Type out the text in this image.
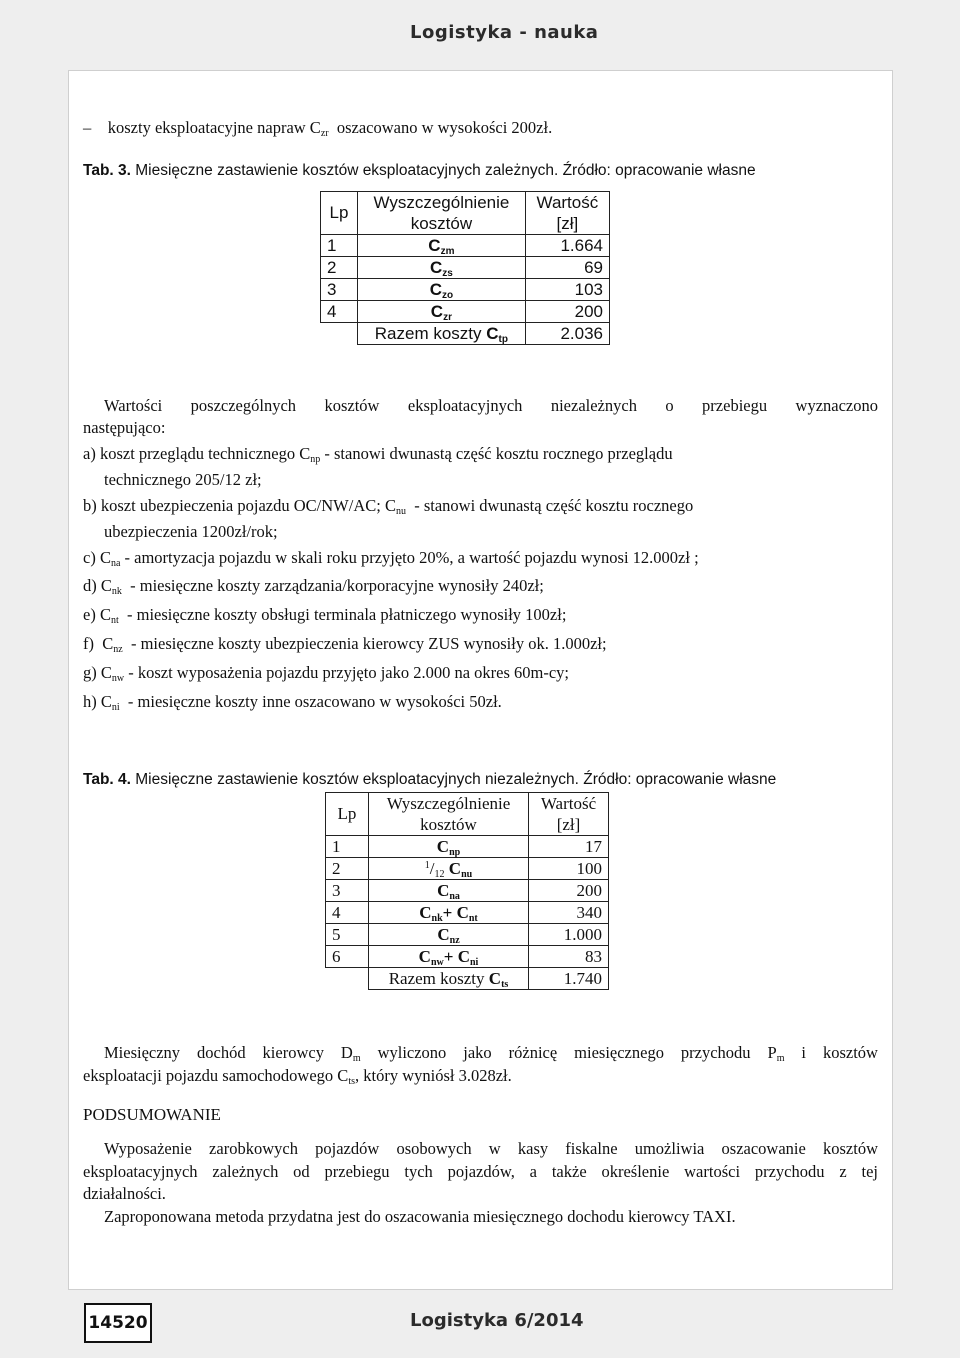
Logistyka - nauka
– koszty eksploatacyjne napraw $C_{zr}$  oszacowano w wysokości 200zł.
Tab. 3. Miesięczne zastawienie kosztów eksploatacyjnych zależnych. Źródło: opracowanie własne
Lp	Wyszczególnienie	Wartość
	kosztów	[zł]
1	$C_{zm}$	1.664
2	$C_{zs}$	69
3	$C_{zo}$	103
4	$C_{zr}$	200
	Razem koszty $C_{tp}$	2.036
Wartości poszczególnych kosztów eksploatacyjnych niezależnych o przebiegu wyznaczono
następująco:
a) koszt przeglądu technicznego $C_{np}$ - stanowi dwunastą część kosztu rocznego przeglądu
technicznego 205/12 zł;
b) koszt ubezpieczenia pojazdu OC/NW/AC; $C_{nu}$  - stanowi dwunastą część kosztu rocznego
ubezpieczenia 1200zł/rok;
c) $C_{na}$ - amortyzacja pojazdu w skali roku przyjęto 20%, a wartość pojazdu wynosi 12.000zł ;
d) $C_{nk}$  - miesięczne koszty zarządzania/korporacyjne wynosiły 240zł;
e) $C_{nt}$  - miesięczne koszty obsługi terminala płatniczego wynosiły 100zł;
f)  $C_{nz}$  - miesięczne koszty ubezpieczenia kierowcy ZUS wynosiły ok. 1.000zł;
g) $C_{nw}$ - koszt wyposażenia pojazdu przyjęto jako 2.000 na okres 60m-cy;
h) $C_{ni}$  - miesięczne koszty inne oszacowano w wysokości 50zł.
Tab. 4. Miesięczne zastawienie kosztów eksploatacyjnych niezależnych. Źródło: opracowanie własne
Lp	Wyszczególnienie	Wartość
	kosztów	[zł]
1	$C_{np}$	17
2	$^1/_{12}$ $C_{nu}$	100
3	$C_{na}$	200
4	$C_{nk}+ C_{nt}$	340
5	$C_{nz}$	1.000
6	$C_{nw}+ C_{ni}$	83
	Razem koszty $C_{ts}$	1.740
Miesięczny dochód kierowcy $D_m$ wyliczono jako różnicę miesięcznego przychodu $P_m$ i kosztów
eksploatacji pojazdu samochodowego $C_{ts}$, który wyniósł 3.028zł.
PODSUMOWANIE
Wyposażenie zarobkowych pojazdów osobowych w kasy fiskalne umożliwia oszacowanie kosztów
eksploatacyjnych zależnych od przebiegu tych pojazdów, a także określenie wartości przychodu z tej
działalności.
Zaproponowana metoda przydatna jest do oszacowania miesięcznego dochodu kierowcy TAXI.
14520	Logistyka 6/2014
